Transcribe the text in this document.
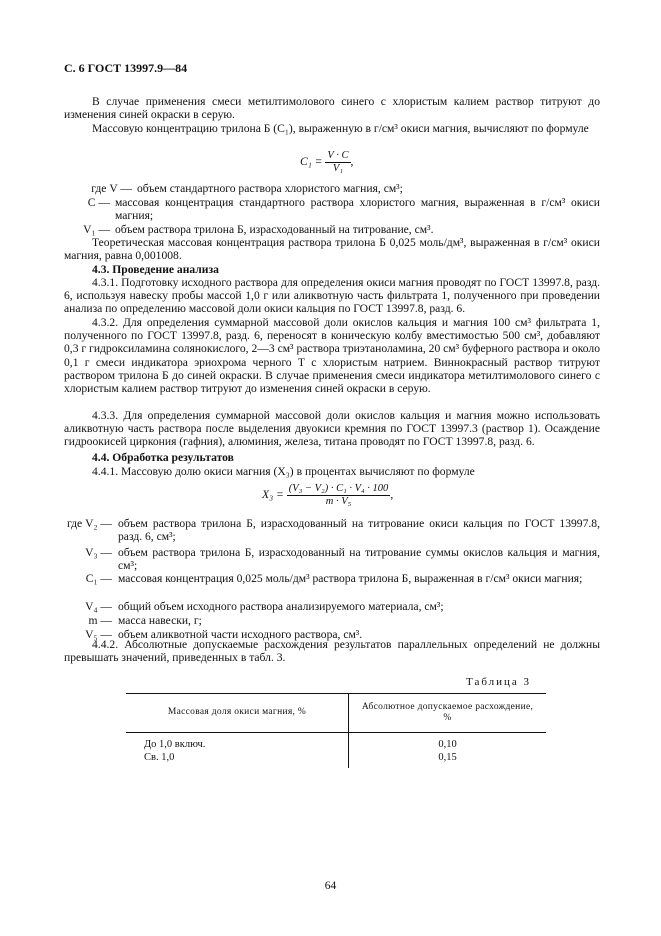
С. 6 ГОСТ 13997.9—84

В случае применения смеси метилтимолового синего с хлористым калием раствор титруют до изменения синей окраски в серую.

Массовую концентрацию трилона Б (C₁), выраженную в г/см³ окиси магния, вычисляют по формуле

$C_1 = \frac{V \cdot C}{\text{V₁}}$ ,
где V — объем стандартного раствора хлористого магния, см³;
C — массовая концентрация стандартного раствора хлористого магния, выраженная в г/см³ окиси магния;
V₁ — объем раствора трилона Б, израсходованный на титрование, см³.

Теоретическая массовая концентрация раствора трилона Б 0,025 моль/дм³, выраженная в г/см³ окиси магния, равна 0,001008.

4.3. Проведение анализа

4.3.1. Подготовку исходного раствора для определения окиси магния проводят по ГОСТ 13997.8, разд. 6, используя навеску пробы массой 1,0 г или аликвотную часть фильтрата 1, полученного при проведении анализа по определению массовой доли окиси кальция по ГОСТ 13997.8, разд. 6.

4.3.2. Для определения суммарной массовой доли окислов кальция и магния 100 см³ фильтрата 1, полученного по ГОСТ 13997.8, разд. 6, переносят в коническую колбу вместимостью 500 см³, добавляют 0,3 г гидроксиламина солянокислого, 2—3 см³ раствора триэтаноламина, 20 см³ буферного раствора и около 0,1 г смеси индикатора эриохрома черного Т с хлористым натрием. Виннокрасный раствор титруют раствором трилона Б до синей окраски. В случае применения смеси индикатора метилтимолового синего с хлористым калием раствор титруют до изменения синей окраски в серую.

4.3.3. Для определения суммарной массовой доли окислов кальция и магния можно использовать аликвотную часть раствора после выделения двуокиси кремния по ГОСТ 13997.3 (раствор 1). Осаждение гидроокисей циркония (гафния), алюминия, железа, титана проводят по ГОСТ 13997.8, разд. 6.

4.4. Обработка результатов

4.4.1. Массовую долю окиси магния (X₃) в процентах вычисляют по формуле

$X_3 = \frac{\text{(V₃ − V₂) · C₁ · V₄ · 100}}{\text{m · V₅}}$ ,
где V₂ — объем раствора трилона Б, израсходованный на титрование окиси кальция по ГОСТ 13997.8, разд. 6, см³;
V₃ — объем раствора трилона Б, израсходованный на титрование суммы окислов кальция и магния, см³;
C₁ — массовая концентрация 0,025 моль/дм³ раствора трилона Б, выраженная в г/см³ окиси магния;
V₄ — общий объем исходного раствора анализируемого материала, см³;
m — масса навески, г;
V₅ — объем аликвотной части исходного раствора, см³.

4.4.2. Абсолютные допускаемые расхождения результатов параллельных определений не должны превышать значений, приведенных в табл. 3.

Таблица 3
Массовая доля окиси магния, %	Абсолютное допускаемое расхождение, %
До 1,0 включ.	0,10
Св. 1,0	0,15
64
